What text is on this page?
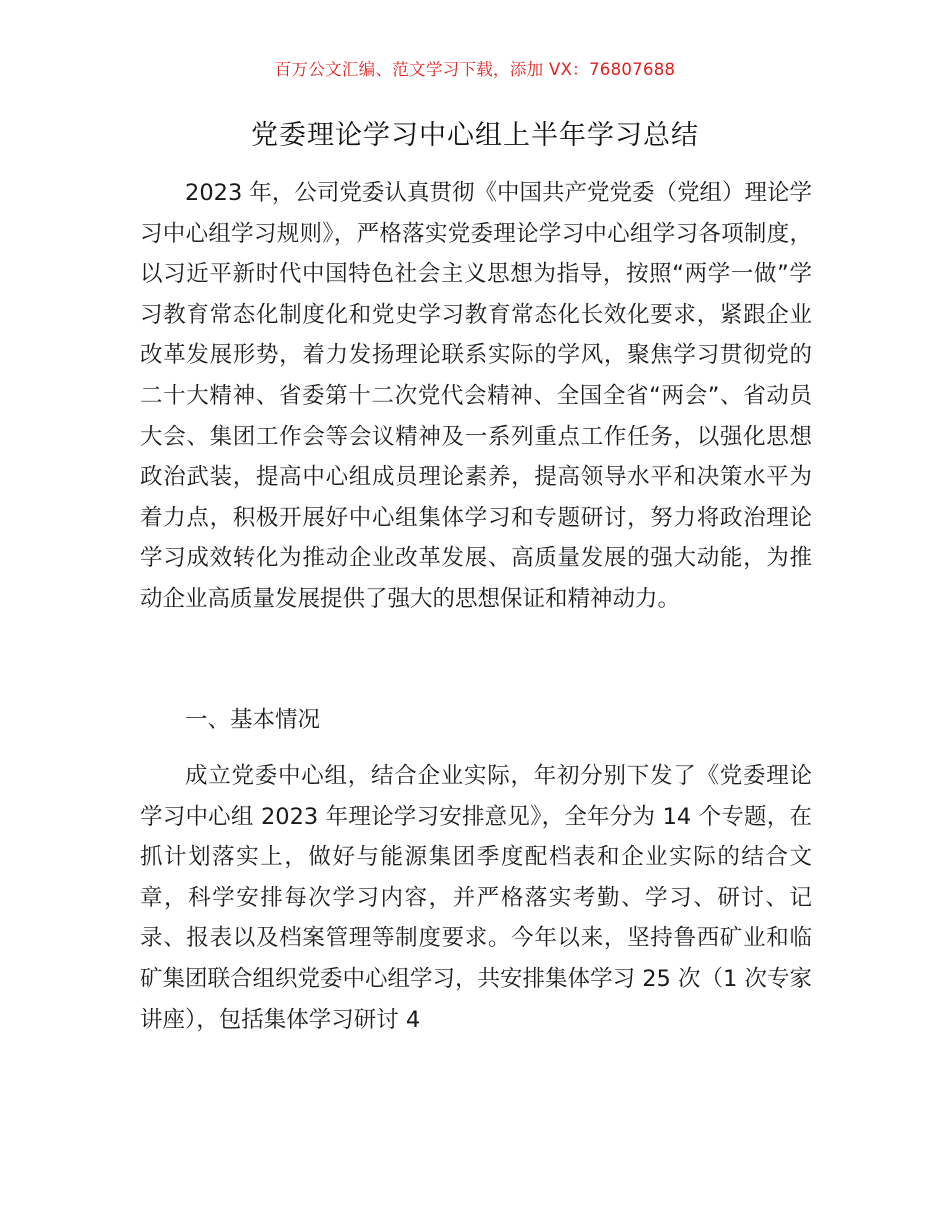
百万公文汇编、范文学习下载，添加 VX：76807688
党委理论学习中心组上半年学习总结

2023 年，公司党委认真贯彻《中国共产党党委（党组）理论学习中心组学习规则》，严格落实党委理论学习中心组学习各项制度，以习近平新时代中国特色社会主义思想为指导，按照“两学一做”学习教育常态化制度化和党史学习教育常态化长效化要求，紧跟企业改革发展形势，着力发扬理论联系实际的学风，聚焦学习贯彻党的二十大精神、省委第十二次党代会精神、全国全省“两会”、省动员大会、集团工作会等会议精神及一系列重点工作任务，以强化思想政治武装，提高中心组成员理论素养，提高领导水平和决策水平为着力点，积极开展好中心组集体学习和专题研讨，努力将政治理论学习成效转化为推动企业改革发展、高质量发展的强大动能，为推动企业高质量发展提供了强大的思想保证和精神动力。

一、基本情况

成立党委中心组，结合企业实际，年初分别下发了《党委理论学习中心组 2023 年理论学习安排意见》，全年分为 14 个专题，在抓计划落实上，做好与能源集团季度配档表和企业实际的结合文章，科学安排每次学习内容，并严格落实考勤、学习、研讨、记录、报表以及档案管理等制度要求。今年以来，坚持鲁西矿业和临矿集团联合组织党委中心组学习，共安排集体学习 25 次（1 次专家讲座），包括集体学习研讨 4
